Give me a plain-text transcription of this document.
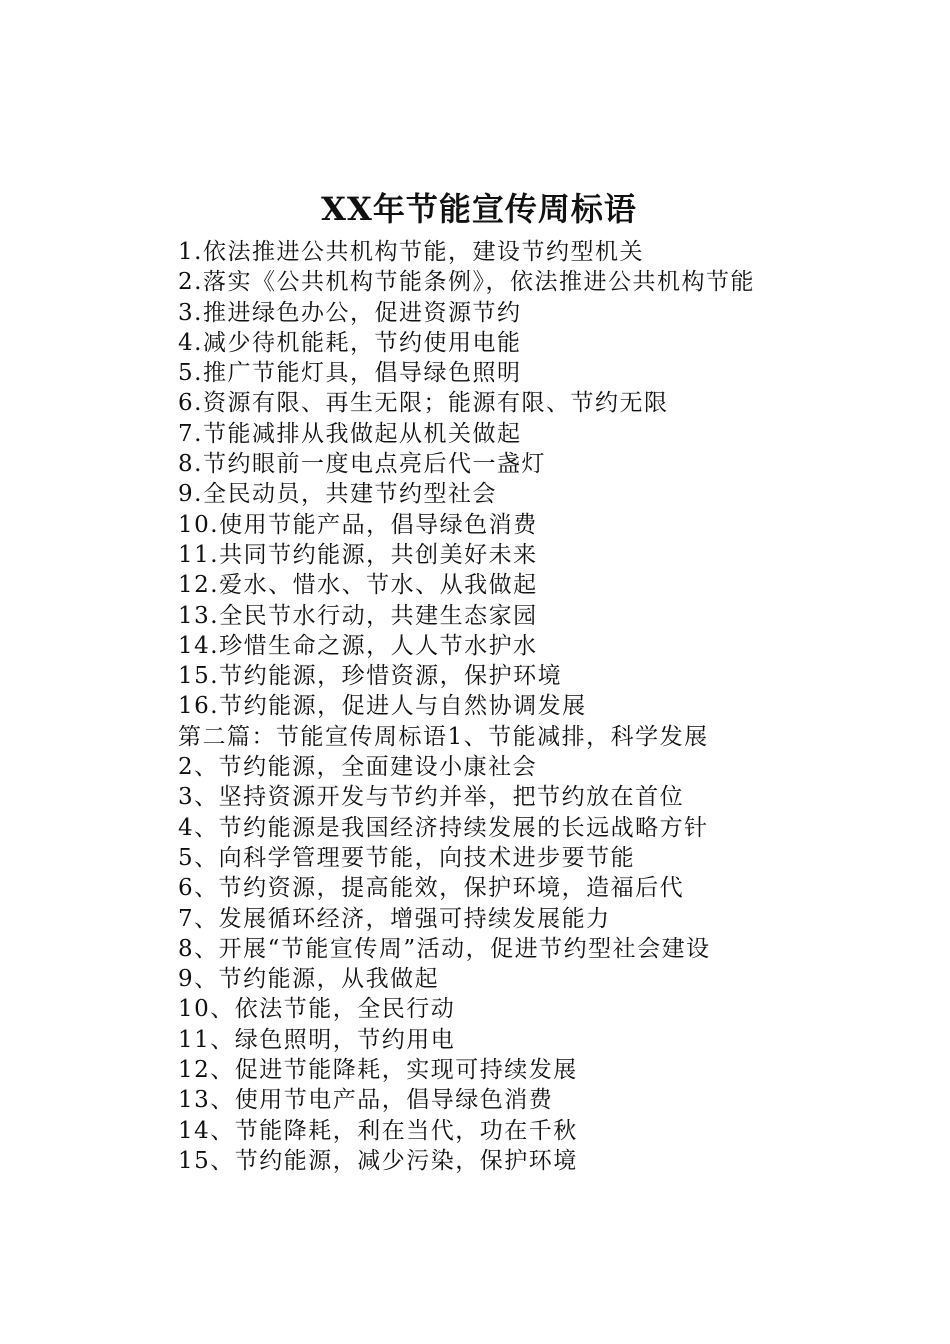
XX年节能宣传周标语
1.依法推进公共机构节能，建设节约型机关
2.落实《公共机构节能条例》，依法推进公共机构节能
3.推进绿色办公，促进资源节约
4.减少待机能耗，节约使用电能
5.推广节能灯具，倡导绿色照明
6.资源有限、再生无限；能源有限、节约无限
7.节能减排从我做起从机关做起
8.节约眼前一度电点亮后代一盏灯
9.全民动员，共建节约型社会
10.使用节能产品，倡导绿色消费
11.共同节约能源，共创美好未来
12.爱水、惜水、节水、从我做起
13.全民节水行动，共建生态家园
14.珍惜生命之源，人人节水护水
15.节约能源，珍惜资源，保护环境
16.节约能源，促进人与自然协调发展
第二篇：节能宣传周标语1、节能减排，科学发展
2、节约能源，全面建设小康社会
3、坚持资源开发与节约并举，把节约放在首位
4、节约能源是我国经济持续发展的长远战略方针
5、向科学管理要节能，向技术进步要节能
6、节约资源，提高能效，保护环境，造福后代
7、发展循环经济，增强可持续发展能力
8、开展“节能宣传周”活动，促进节约型社会建设
9、节约能源，从我做起
10、依法节能，全民行动
11、绿色照明，节约用电
12、促进节能降耗，实现可持续发展
13、使用节电产品，倡导绿色消费
14、节能降耗，利在当代，功在千秋
15、节约能源，减少污染，保护环境
